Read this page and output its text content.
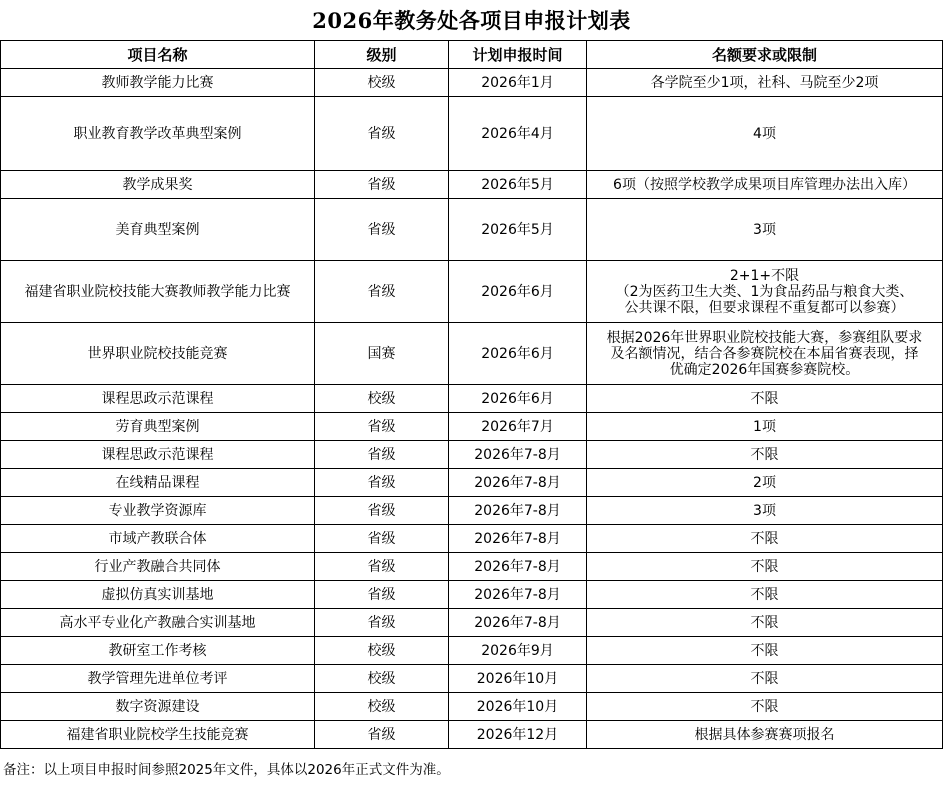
2026年教务处各项目申报计划表
项目名称	级别	计划申报时间	名额要求或限制
教师教学能力比赛	校级	2026年1月	各学院至少1项，社科、马院至少2项

职业教育教学改革典型案例	省级	2026年4月	4项

教学成果奖	省级	2026年5月	6项（按照学校教学成果项目库管理办法出入库）

美育典型案例	省级	2026年5月	3项

福建省职业院校技能大赛教师教学能力比赛	省级	2026年6月	2+1+不限
（2为医药卫生大类、1为食品药品与粮食大类、
公共课不限，但要求课程不重复都可以参赛）

世界职业院校技能竞赛	国赛	2026年6月	根据2026年世界职业院校技能大赛，参赛组队要求
及名额情况，结合各参赛院校在本届省赛表现，择
优确定2026年国赛参赛院校。

课程思政示范课程	校级	2026年6月	不限

劳育典型案例	省级	2026年7月	1项

课程思政示范课程	省级	2026年7-8月	不限

在线精品课程	省级	2026年7-8月	2项

专业教学资源库	省级	2026年7-8月	3项

市域产教联合体	省级	2026年7-8月	不限

行业产教融合共同体	省级	2026年7-8月	不限

虚拟仿真实训基地	省级	2026年7-8月	不限

高水平专业化产教融合实训基地	省级	2026年7-8月	不限

教研室工作考核	校级	2026年9月	不限

教学管理先进单位考评	校级	2026年10月	不限

数字资源建设	校级	2026年10月	不限

福建省职业院校学生技能竞赛	省级	2026年12月	根据具体参赛赛项报名
备注：以上项目申报时间参照2025年文件，具体以2026年正式文件为准。
